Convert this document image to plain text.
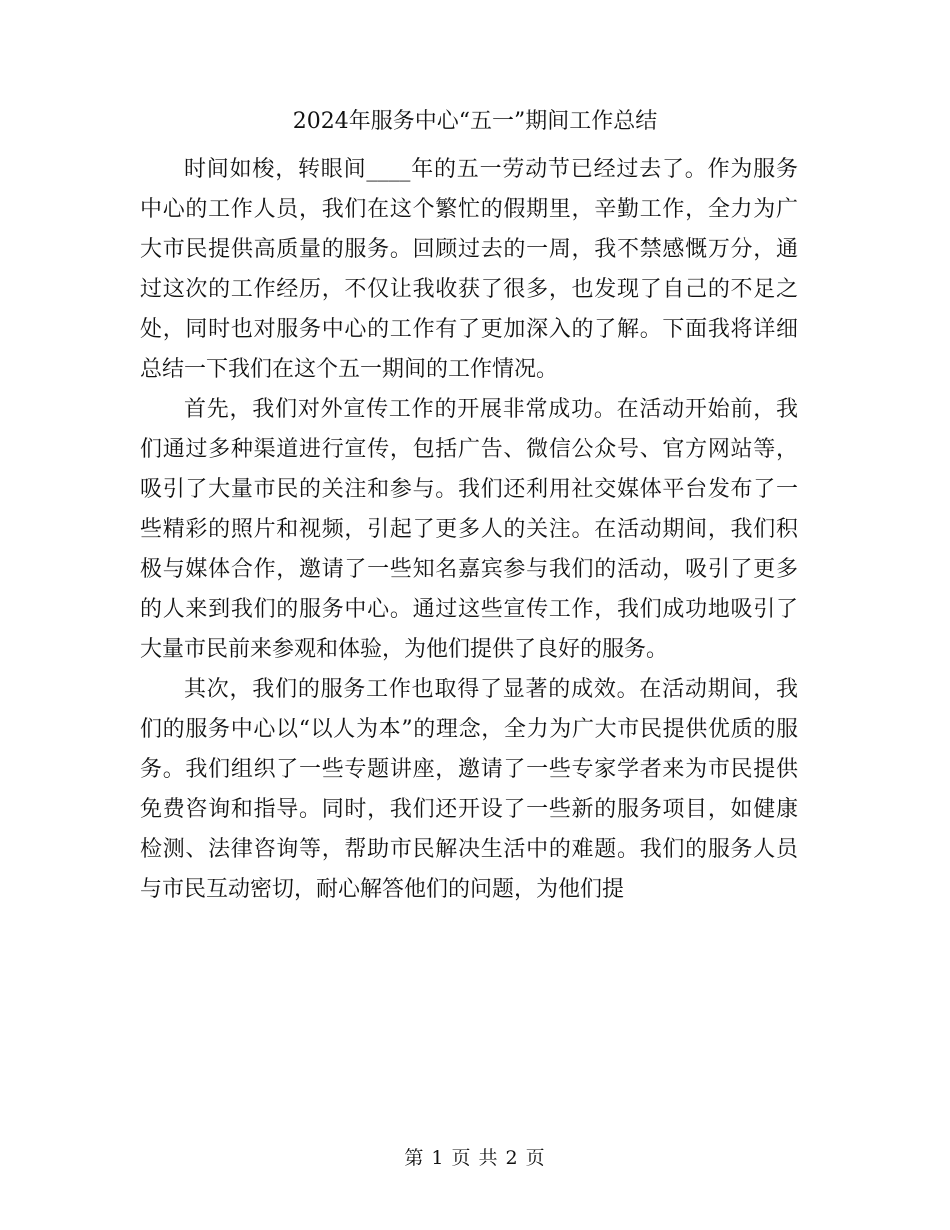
2024年服务中心“五一”期间工作总结

时间如梭，转眼间____年的五一劳动节已经过去了。作为服务中心的工作人员，我们在这个繁忙的假期里，辛勤工作，全力为广大市民提供高质量的服务。回顾过去的一周，我不禁感慨万分，通过这次的工作经历，不仅让我收获了很多，也发现了自己的不足之处，同时也对服务中心的工作有了更加深入的了解。下面我将详细总结一下我们在这个五一期间的工作情况。

首先，我们对外宣传工作的开展非常成功。在活动开始前，我们通过多种渠道进行宣传，包括广告、微信公众号、官方网站等，吸引了大量市民的关注和参与。我们还利用社交媒体平台发布了一些精彩的照片和视频，引起了更多人的关注。在活动期间，我们积极与媒体合作，邀请了一些知名嘉宾参与我们的活动，吸引了更多的人来到我们的服务中心。通过这些宣传工作，我们成功地吸引了大量市民前来参观和体验，为他们提供了良好的服务。

其次，我们的服务工作也取得了显著的成效。在活动期间，我们的服务中心以“以人为本”的理念，全力为广大市民提供优质的服务。我们组织了一些专题讲座，邀请了一些专家学者来为市民提供免费咨询和指导。同时，我们还开设了一些新的服务项目，如健康检测、法律咨询等，帮助市民解决生活中的难题。我们的服务人员与市民互动密切，耐心解答他们的问题，为他们提

第 1 页 共 2 页
